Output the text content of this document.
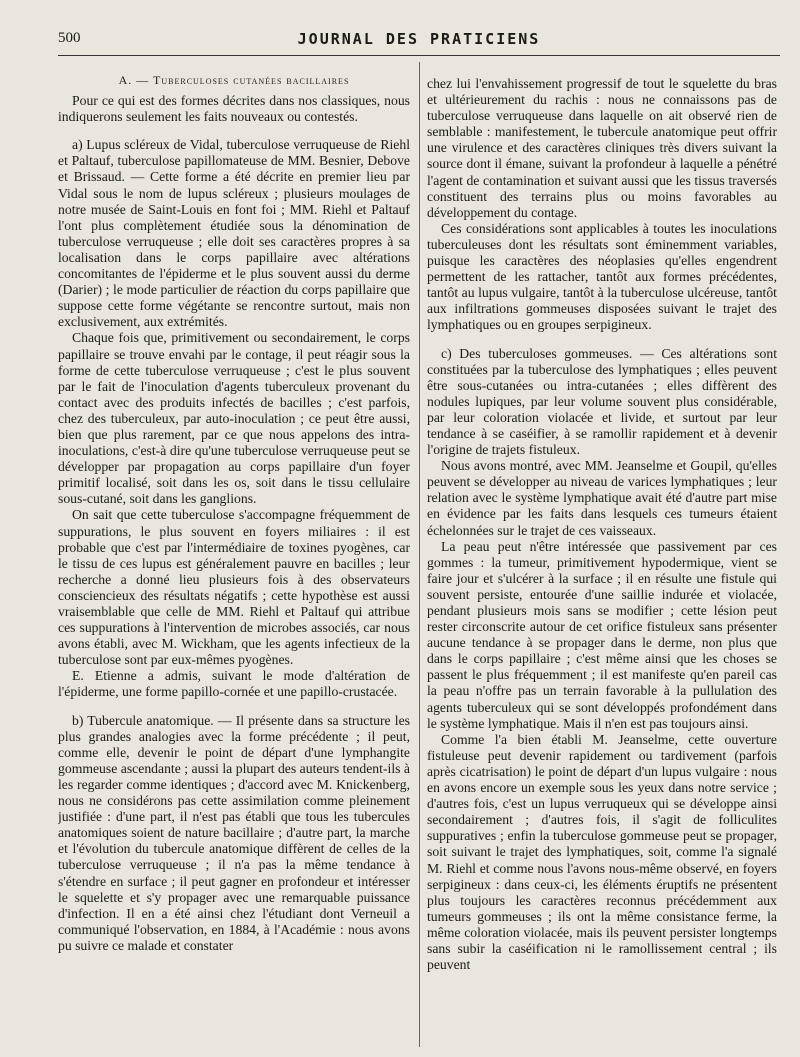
500	JOURNAL DES PRATICIENS
A. — Tuberculoses cutanées bacillaires

Pour ce qui est des formes décrites dans nos classiques, nous indiquerons seulement les faits nouveaux ou contestés.

a) Lupus scléreux de Vidal, tuberculose verruqueuse de Riehl et Paltauf, tuberculose papillomateuse de MM. Besnier, Debove et Brissaud. — Cette forme a été décrite en premier lieu par Vidal sous le nom de lupus scléreux ; plusieurs moulages de notre musée de Saint-Louis en font foi ; MM. Riehl et Paltauf l'ont plus complètement étudiée sous la dénomination de tuberculose verruqueuse ; elle doit ses caractères propres à sa localisation dans le corps papillaire avec altérations concomitantes de l'épiderme et le plus souvent aussi du derme (Darier) ; le mode particulier de réaction du corps papillaire que suppose cette forme végétante se rencontre surtout, mais non exclusivement, aux extrémités.

Chaque fois que, primitivement ou secondairement, le corps papillaire se trouve envahi par le contage, il peut réagir sous la forme de cette tuberculose verruqueuse ; c'est le plus souvent par le fait de l'inoculation d'agents tuberculeux provenant du contact avec des produits infectés de bacilles ; c'est parfois, chez des tuberculeux, par auto-inoculation ; ce peut être aussi, bien que plus rarement, par ce que nous appelons des intra-inoculations, c'est-à dire qu'une tuberculose verruqueuse peut se développer par propagation au corps papillaire d'un foyer primitif localisé, soit dans les os, soit dans le tissu cellulaire sous-cutané, soit dans les ganglions.

On sait que cette tuberculose s'accompagne fréquemment de suppurations, le plus souvent en foyers miliaires : il est probable que c'est par l'intermédiaire de toxines pyogènes, car le tissu de ces lupus est généralement pauvre en bacilles ; leur recherche a donné lieu plusieurs fois à des observateurs consciencieux des résultats négatifs ; cette hypothèse est aussi vraisemblable que celle de MM. Riehl et Paltauf qui attribue ces suppurations à l'intervention de microbes associés, car nous avons établi, avec M. Wickham, que les agents infectieux de la tuberculose sont par eux-mêmes pyogènes.

E. Etienne a admis, suivant le mode d'altération de l'épiderme, une forme papillo-cornée et une papillo-crustacée.

b) Tubercule anatomique. — Il présente dans sa structure les plus grandes analogies avec la forme précédente ; il peut, comme elle, devenir le point de départ d'une lymphangite gommeuse ascendante ; aussi la plupart des auteurs tendent-ils à les regarder comme identiques ; d'accord avec M. Knickenberg, nous ne considérons pas cette assimilation comme pleinement justifiée : d'une part, il n'est pas établi que tous les tubercules anatomiques soient de nature bacillaire ; d'autre part, la marche et l'évolution du tubercule anatomique diffèrent de celles de la tuberculose verruqueuse ; il n'a pas la même tendance à s'étendre en surface ; il peut gagner en profondeur et intéresser le squelette et s'y propager avec une remarquable puissance d'infection. Il en a été ainsi chez l'étudiant dont Verneuil a communiqué l'observation, en 1884, à l'Académie : nous avons pu suivre ce malade et constater

chez lui l'envahissement progressif de tout le squelette du bras et ultérieurement du rachis : nous ne connaissons pas de tuberculose verruqueuse dans laquelle on ait observé rien de semblable : manifestement, le tubercule anatomique peut offrir une virulence et des caractères cliniques très divers suivant la source dont il émane, suivant la profondeur à laquelle a pénétré l'agent de contamination et suivant aussi que les tissus traversés constituent des terrains plus ou moins favorables au développement du contage.

Ces considérations sont applicables à toutes les inoculations tuberculeuses dont les résultats sont éminemment variables, puisque les caractères des néoplasies qu'elles engendrent permettent de les rattacher, tantôt aux formes précédentes, tantôt au lupus vulgaire, tantôt à la tuberculose ulcéreuse, tantôt aux infiltrations gommeuses disposées suivant le trajet des lymphatiques ou en groupes serpigineux.

c) Des tuberculoses gommeuses. — Ces altérations sont constituées par la tuberculose des lymphatiques ; elles peuvent être sous-cutanées ou intra-cutanées ; elles diffèrent des nodules lupiques, par leur volume souvent plus considérable, par leur coloration violacée et livide, et surtout par leur tendance à se caséifier, à se ramollir rapidement et à devenir l'origine de trajets fistuleux.

Nous avons montré, avec MM. Jeanselme et Goupil, qu'elles peuvent se développer au niveau de varices lymphatiques ; leur relation avec le système lymphatique avait été d'autre part mise en évidence par les faits dans lesquels ces tumeurs étaient échelonnées sur le trajet de ces vaisseaux.

La peau peut n'être intéressée que passivement par ces gommes : la tumeur, primitivement hypodermique, vient se faire jour et s'ulcérer à la surface ; il en résulte une fistule qui souvent persiste, entourée d'une saillie indurée et violacée, pendant plusieurs mois sans se modifier ; cette lésion peut rester circonscrite autour de cet orifice fistuleux sans présenter aucune tendance à se propager dans le derme, non plus que dans le corps papillaire ; c'est même ainsi que les choses se passent le plus fréquemment ; il est manifeste qu'en pareil cas la peau n'offre pas un terrain favorable à la pullulation des agents tuberculeux qui se sont développés profondément dans le système lymphatique. Mais il n'en est pas toujours ainsi.

Comme l'a bien établi M. Jeanselme, cette ouverture fistuleuse peut devenir rapidement ou tardivement (parfois après cicatrisation) le point de départ d'un lupus vulgaire : nous en avons encore un exemple sous les yeux dans notre service ; d'autres fois, c'est un lupus verruqueux qui se développe ainsi secondairement ; d'autres fois, il s'agit de folliculites suppuratives ; enfin la tuberculose gommeuse peut se propager, soit suivant le trajet des lymphatiques, soit, comme l'a signalé M. Riehl et comme nous l'avons nous-même observé, en foyers serpigineux : dans ceux-ci, les éléments éruptifs ne présentent plus toujours les caractères reconnus précédemment aux tumeurs gommeuses ; ils ont la même consistance ferme, la même coloration violacée, mais ils peuvent persister longtemps sans subir la caséification ni le ramollissement central ; ils peuvent
